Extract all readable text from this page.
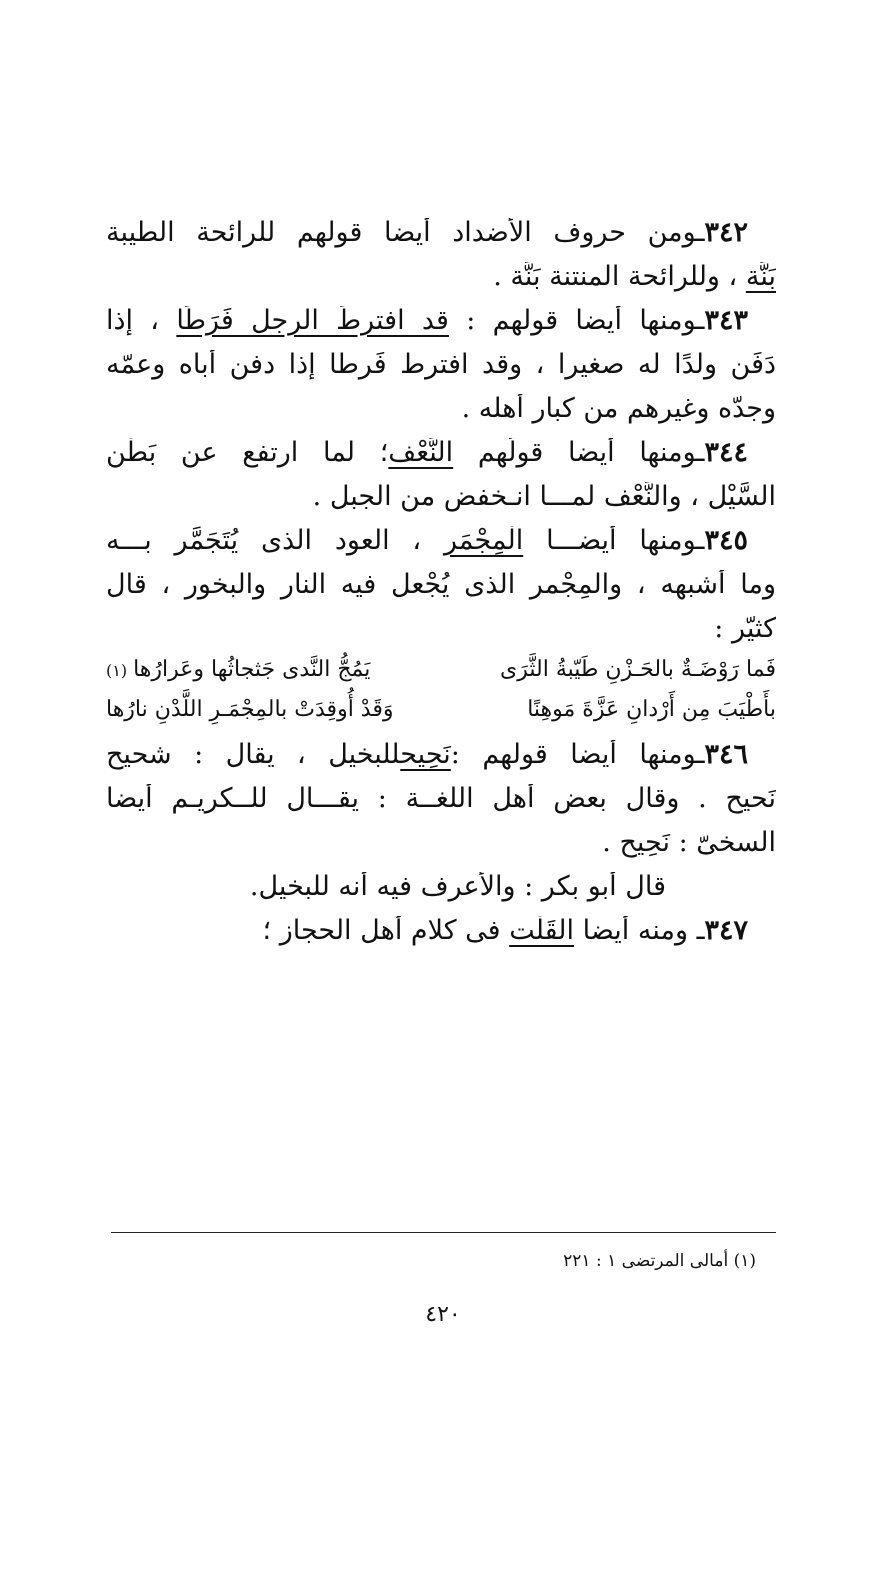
٣٤٢ـومن حروف الأَضداد أَيضا قولهم للرائحة الطيبة
بَنَّة ، وللرائحة المنتنة بَنَّة .
٣٤٣ـومنها أَيضا قولهم : قد افترطَ الرجل فَرَطًا ، إذا
دَفَن ولدًا له صغيرا ، وقد افترط فَرطا إذا دفن أَباه وعمّه
وجدّه وغيرهم من كبار أَهله .
٣٤٤ـومنها أَيضا قولُهم النَّعْف؛ لما ارتفع عن بَطْن
السَّيْل ، والنَّعْف لمـــا انـخفض من الجبل .
٣٤٥ـومنها أَيضـــا الْمِجْمَر ، العود الذى يُتَجَمَّر بـــه
وما أَشبهه ، والمِجْمر الذى يُجْعل فيه النار والبخور ، قال
كثيّر :
فَما رَوْضَـةٌ بالحَـزْنِ طَيّبةُ الثَّرَى
يَمُجُّ النَّدى جَثجاثُها وعَرارُها(١)
بأَطْيَبَ مِن أَرْدانِ عَزَّةَ مَوهِنًا
وَقَدْ أُوقِدَتْ بالمِجْمَـرِ اللَّدْنِ نارُها
٣٤٦ـومنها أَيضا قولهم :نَحِيحللبخيل ، يقال : شحيح
نَحيح . وقال بعض أَهل اللغــة : يقـــال للــكريـم أَيضا
السخىّ : نَحِيح .
قال أَبو بكر : والأَعرف فيه أَنه للبخيل.
٣٤٧ـ ومنه أَيضا القَلْت فى كلام أَهل الحجاز ؛
(١) أمالى المرتضى ١ : ٢٢١
٤٢٠
